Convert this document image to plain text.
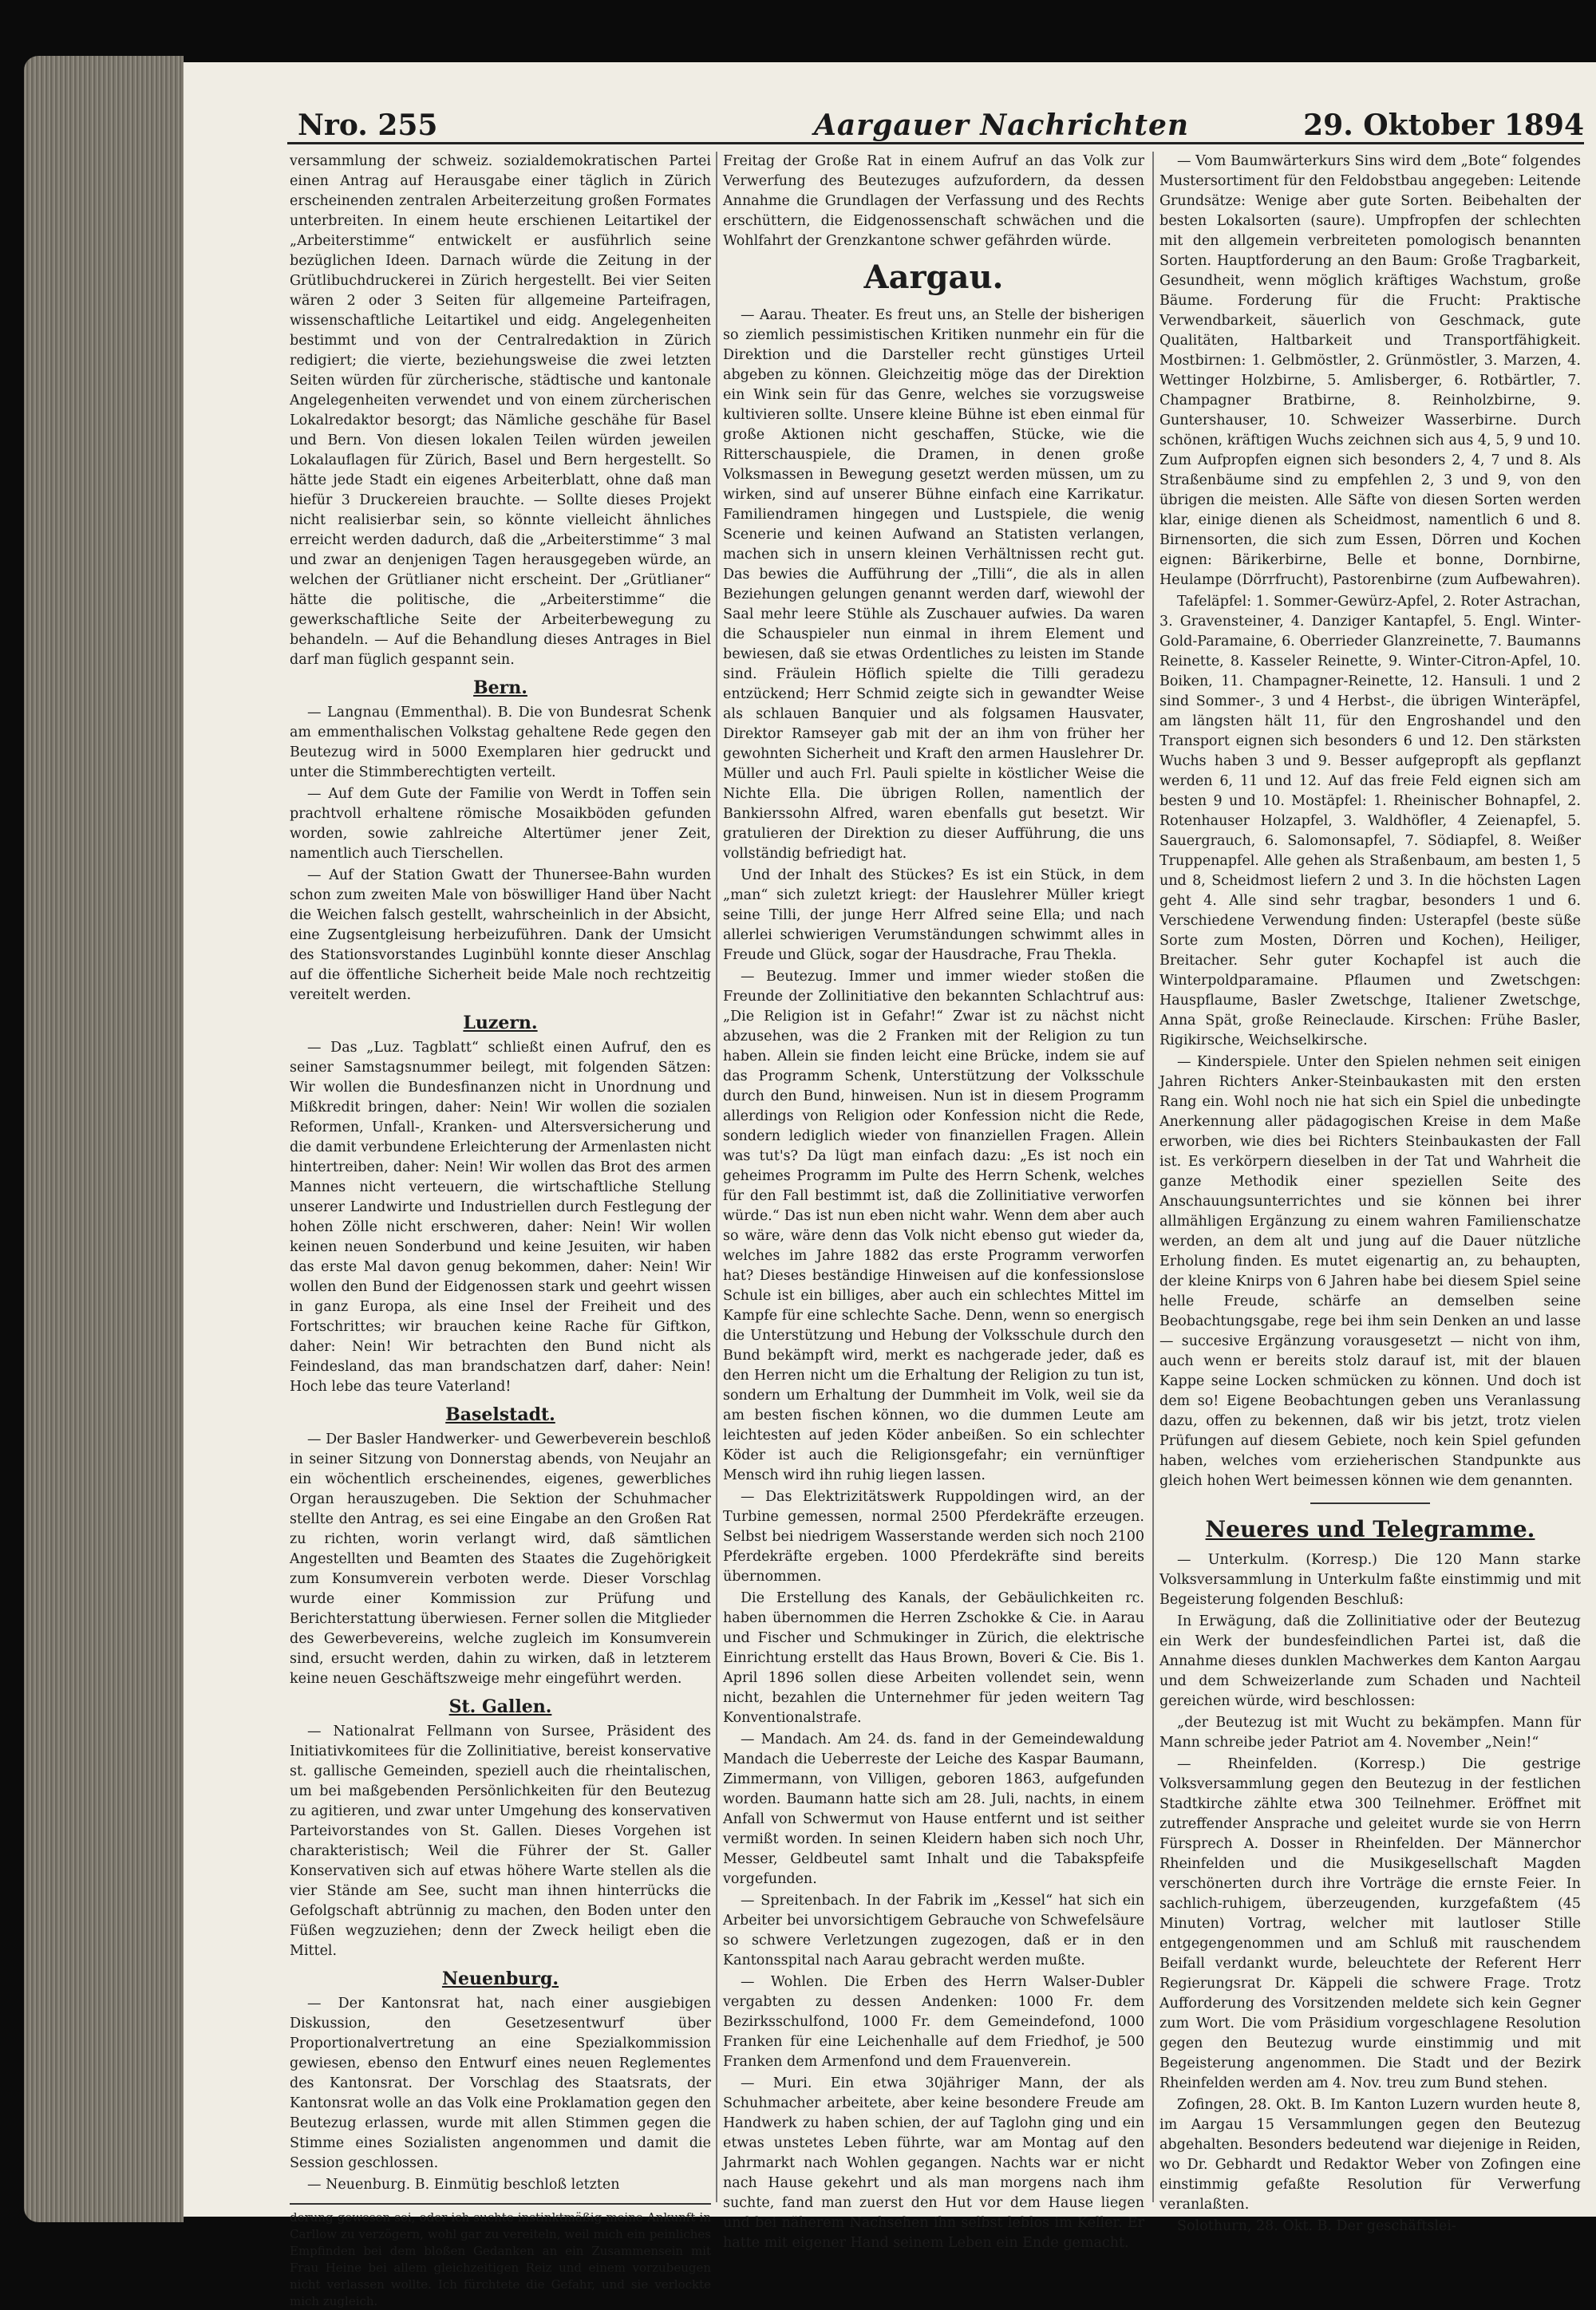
Nro. 255	Aargauer Nachrichten	29. Oktober 1894

versammlung der schweiz. sozialdemokratischen Partei einen Antrag auf Herausgabe einer täglich in Zürich erscheinenden zentralen Arbeiterzeitung großen Formates unterbreiten. In einem heute erschienen Leitartikel der „Arbeiterstimme“ entwickelt er ausführlich seine bezüglichen Ideen. Darnach würde die Zeitung in der Grütlibuchdruckerei in Zürich hergestellt. Bei vier Seiten wären 2 oder 3 Seiten für allgemeine Parteifragen, wissenschaftliche Leitartikel und eidg. Angelegenheiten bestimmt und von der Centralredaktion in Zürich redigiert; die vierte, beziehungsweise die zwei letzten Seiten würden für zürcherische, städtische und kantonale Angelegenheiten verwendet und von einem zürcherischen Lokalredaktor besorgt; das Nämliche geschähe für Basel und Bern. Von diesen lokalen Teilen würden jeweilen Lokalauflagen für Zürich, Basel und Bern hergestellt. So hätte jede Stadt ein eigenes Arbeiterblatt, ohne daß man hiefür 3 Druckereien brauchte. — Sollte dieses Projekt nicht realisierbar sein, so könnte vielleicht ähnliches erreicht werden dadurch, daß die „Arbeiterstimme“ 3 mal und zwar an denjenigen Tagen herausgegeben würde, an welchen der Grütlianer nicht erscheint. Der „Grütlianer“ hätte die politische, die „Arbeiterstimme“ die gewerkschaftliche Seite der Arbeiterbewegung zu behandeln. — Auf die Behandlung dieses Antrages in Biel darf man füglich gespannt sein.

Bern.

— Langnau (Emmenthal). B. Die von Bundesrat Schenk am emmenthalischen Volkstag gehaltene Rede gegen den Beutezug wird in 5000 Exemplaren hier gedruckt und unter die Stimmberechtigten verteilt.

— Auf dem Gute der Familie von Werdt in Toffen sein prachtvoll erhaltene römische Mosaikböden gefunden worden, sowie zahlreiche Altertümer jener Zeit, namentlich auch Tierschellen.

— Auf der Station Gwatt der Thunersee-Bahn wurden schon zum zweiten Male von böswilliger Hand über Nacht die Weichen falsch gestellt, wahrscheinlich in der Absicht, eine Zugsentgleisung herbeizuführen. Dank der Umsicht des Stationsvorstandes Luginbühl konnte dieser Anschlag auf die öffentliche Sicherheit beide Male noch rechtzeitig vereitelt werden.

Luzern.

— Das „Luz. Tagblatt“ schließt einen Aufruf, den es seiner Samstagsnummer beilegt, mit folgenden Sätzen: Wir wollen die Bundesfinanzen nicht in Unordnung und Mißkredit bringen, daher: Nein! Wir wollen die sozialen Reformen, Unfall-, Kranken- und Altersversicherung und die damit verbundene Erleichterung der Armenlasten nicht hintertreiben, daher: Nein! Wir wollen das Brot des armen Mannes nicht verteuern, die wirtschaftliche Stellung unserer Landwirte und Industriellen durch Festlegung der hohen Zölle nicht erschweren, daher: Nein! Wir wollen keinen neuen Sonderbund und keine Jesuiten, wir haben das erste Mal davon genug bekommen, daher: Nein! Wir wollen den Bund der Eidgenossen stark und geehrt wissen in ganz Europa, als eine Insel der Freiheit und des Fortschrittes; wir brauchen keine Rache für Giftkon, daher: Nein! Wir betrachten den Bund nicht als Feindesland, das man brandschatzen darf, daher: Nein! Hoch lebe das teure Vaterland!

Baselstadt.

— Der Basler Handwerker- und Gewerbeverein beschloß in seiner Sitzung von Donnerstag abends, von Neujahr an ein wöchentlich erscheinendes, eigenes, gewerbliches Organ herauszugeben. Die Sektion der Schuhmacher stellte den Antrag, es sei eine Eingabe an den Großen Rat zu richten, worin verlangt wird, daß sämtlichen Angestellten und Beamten des Staates die Zugehörigkeit zum Konsumverein verboten werde. Dieser Vorschlag wurde einer Kommission zur Prüfung und Berichterstattung überwiesen. Ferner sollen die Mitglieder des Gewerbevereins, welche zugleich im Konsumverein sind, ersucht werden, dahin zu wirken, daß in letzterem keine neuen Geschäftszweige mehr eingeführt werden.

St. Gallen.

— Nationalrat Fellmann von Sursee, Präsident des Initiativkomitees für die Zollinitiative, bereist konservative st. gallische Gemeinden, speziell auch die rheintalischen, um bei maßgebenden Persönlichkeiten für den Beutezug zu agitieren, und zwar unter Umgehung des konservativen Parteivorstandes von St. Gallen. Dieses Vorgehen ist charakteristisch; Weil die Führer der St. Galler Konservativen sich auf etwas höhere Warte stellen als die vier Stände am See, sucht man ihnen hinterrücks die Gefolgschaft abtrünnig zu machen, den Boden unter den Füßen wegzuziehen; denn der Zweck heiligt eben die Mittel.

Neuenburg.

— Der Kantonsrat hat, nach einer ausgiebigen Diskussion, den Gesetzesentwurf über Proportionalvertretung an eine Spezialkommission gewiesen, ebenso den Entwurf eines neuen Reglementes des Kantonsrat. Der Vorschlag des Staatsrats, der Kantonsrat wolle an das Volk eine Proklamation gegen den Beutezug erlassen, wurde mit allen Stimmen gegen die Stimme eines Sozialisten angenommen und damit die Session geschlossen.

— Neuenburg. B. Einmütig beschloß letzten

derung gewesen sei, oder ich suchte instinktmäßig meine Ankunft in Carllow zu verzögern, wohl gar zu vereiteln, weil mich ein peinliches Empfinden bei dem bloßen Gedanken an ein Zusammensein mit Frau Heine bei allem gleichzeitigen Reiz und einem vorzubeugen nicht verlassen wollte. Ich fürchtete die Gefahr, und sie verlockte mich zugleich.

Freitag der Große Rat in einem Aufruf an das Volk zur Verwerfung des Beutezuges aufzufordern, da dessen Annahme die Grundlagen der Verfassung und des Rechts erschüttern, die Eidgenossenschaft schwächen und die Wohlfahrt der Grenzkantone schwer gefährden würde.

Aargau.

— Aarau. Theater. Es freut uns, an Stelle der bisherigen so ziemlich pessimistischen Kritiken nunmehr ein für die Direktion und die Darsteller recht günstiges Urteil abgeben zu können. Gleichzeitig möge das der Direktion ein Wink sein für das Genre, welches sie vorzugsweise kultivieren sollte. Unsere kleine Bühne ist eben einmal für große Aktionen nicht geschaffen, Stücke, wie die Ritterschauspiele, die Dramen, in denen große Volksmassen in Bewegung gesetzt werden müssen, um zu wirken, sind auf unserer Bühne einfach eine Karrikatur. Familiendramen hingegen und Lustspiele, die wenig Scenerie und keinen Aufwand an Statisten verlangen, machen sich in unsern kleinen Verhältnissen recht gut. Das bewies die Aufführung der „Tilli“, die als in allen Beziehungen gelungen genannt werden darf, wiewohl der Saal mehr leere Stühle als Zuschauer aufwies. Da waren die Schauspieler nun einmal in ihrem Element und bewiesen, daß sie etwas Ordentliches zu leisten im Stande sind. Fräulein Höflich spielte die Tilli geradezu entzückend; Herr Schmid zeigte sich in gewandter Weise als schlauen Banquier und als folgsamen Hausvater, Direktor Ramseyer gab mit der an ihm von früher her gewohnten Sicherheit und Kraft den armen Hauslehrer Dr. Müller und auch Frl. Pauli spielte in köstlicher Weise die Nichte Ella. Die übrigen Rollen, namentlich der Bankierssohn Alfred, waren ebenfalls gut besetzt. Wir gratulieren der Direktion zu dieser Aufführung, die uns vollständig befriedigt hat.

Und der Inhalt des Stückes? Es ist ein Stück, in dem „man“ sich zuletzt kriegt: der Hauslehrer Müller kriegt seine Tilli, der junge Herr Alfred seine Ella; und nach allerlei schwierigen Verumständungen schwimmt alles in Freude und Glück, sogar der Hausdrache, Frau Thekla.

— Beutezug. Immer und immer wieder stoßen die Freunde der Zollinitiative den bekannten Schlachtruf aus: „Die Religion ist in Gefahr!“ Zwar ist zu nächst nicht abzusehen, was die 2 Franken mit der Religion zu tun haben. Allein sie finden leicht eine Brücke, indem sie auf das Programm Schenk, Unterstützung der Volksschule durch den Bund, hinweisen. Nun ist in diesem Programm allerdings von Religion oder Konfession nicht die Rede, sondern lediglich wieder von finanziellen Fragen. Allein was tut's? Da lügt man einfach dazu: „Es ist noch ein geheimes Programm im Pulte des Herrn Schenk, welches für den Fall bestimmt ist, daß die Zollinitiative verworfen würde.“ Das ist nun eben nicht wahr. Wenn dem aber auch so wäre, wäre denn das Volk nicht ebenso gut wieder da, welches im Jahre 1882 das erste Programm verworfen hat? Dieses beständige Hinweisen auf die konfessionslose Schule ist ein billiges, aber auch ein schlechtes Mittel im Kampfe für eine schlechte Sache. Denn, wenn so energisch die Unterstützung und Hebung der Volksschule durch den Bund bekämpft wird, merkt es nachgerade jeder, daß es den Herren nicht um die Erhaltung der Religion zu tun ist, sondern um Erhaltung der Dummheit im Volk, weil sie da am besten fischen können, wo die dummen Leute am leichtesten auf jeden Köder anbeißen. So ein schlechter Köder ist auch die Religionsgefahr; ein vernünftiger Mensch wird ihn ruhig liegen lassen.

— Das Elektrizitätswerk Ruppoldingen wird, an der Turbine gemessen, normal 2500 Pferdekräfte erzeugen. Selbst bei niedrigem Wasserstande werden sich noch 2100 Pferdekräfte ergeben. 1000 Pferdekräfte sind bereits übernommen.

Die Erstellung des Kanals, der Gebäulichkeiten rc. haben übernommen die Herren Zschokke & Cie. in Aarau und Fischer und Schmukinger in Zürich, die elektrische Einrichtung erstellt das Haus Brown, Boveri & Cie. Bis 1. April 1896 sollen diese Arbeiten vollendet sein, wenn nicht, bezahlen die Unternehmer für jeden weitern Tag Konventionalstrafe.

— Mandach. Am 24. ds. fand in der Gemeindewaldung Mandach die Ueberreste der Leiche des Kaspar Baumann, Zimmermann, von Villigen, geboren 1863, aufgefunden worden. Baumann hatte sich am 28. Juli, nachts, in einem Anfall von Schwermut von Hause entfernt und ist seither vermißt worden. In seinen Kleidern haben sich noch Uhr, Messer, Geldbeutel samt Inhalt und die Tabakspfeife vorgefunden.

— Spreitenbach. In der Fabrik im „Kessel“ hat sich ein Arbeiter bei unvorsichtigem Gebrauche von Schwefelsäure so schwere Verletzungen zugezogen, daß er in den Kantonsspital nach Aarau gebracht werden mußte.

— Wohlen. Die Erben des Herrn Walser-Dubler vergabten zu dessen Andenken: 1000 Fr. dem Bezirksschulfond, 1000 Fr. dem Gemeindefond, 1000 Franken für eine Leichenhalle auf dem Friedhof, je 500 Franken dem Armenfond und dem Frauenverein.

— Muri. Ein etwa 30jähriger Mann, der als Schuhmacher arbeitete, aber keine besondere Freude am Handwerk zu haben schien, der auf Taglohn ging und ein etwas unstetes Leben führte, war am Montag auf den Jahrmarkt nach Wohlen gegangen. Nachts war er nicht nach Hause gekehrt und als man morgens nach ihm suchte, fand man zuerst den Hut vor dem Hause liegen und bei näherem Nachsehen ihn selbst leblos im Keller. Er hatte mit eigener Hand seinem Leben ein Ende gemacht.

— Vom Baumwärterkurs Sins wird dem „Bote“ folgendes Mustersortiment für den Feldobstbau angegeben: Leitende Grundsätze: Wenige aber gute Sorten. Beibehalten der besten Lokalsorten (saure). Umpfropfen der schlechten mit den allgemein verbreiteten pomologisch benannten Sorten. Hauptforderung an den Baum: Große Tragbarkeit, Gesundheit, wenn möglich kräftiges Wachstum, große Bäume. Forderung für die Frucht: Praktische Verwendbarkeit, säuerlich von Geschmack, gute Qualitäten, Haltbarkeit und Transportfähigkeit. Mostbirnen: 1. Gelbmöstler, 2. Grünmöstler, 3. Marzen, 4. Wettinger Holzbirne, 5. Amlisberger, 6. Rotbärtler, 7. Champagner Bratbirne, 8. Reinholzbirne, 9. Guntershauser, 10. Schweizer Wasserbirne. Durch schönen, kräftigen Wuchs zeichnen sich aus 4, 5, 9 und 10. Zum Aufpropfen eignen sich besonders 2, 4, 7 und 8. Als Straßenbäume sind zu empfehlen 2, 3 und 9, von den übrigen die meisten. Alle Säfte von diesen Sorten werden klar, einige dienen als Scheidmost, namentlich 6 und 8. Birnensorten, die sich zum Essen, Dörren und Kochen eignen: Bärikerbirne, Belle et bonne, Dornbirne, Heulampe (Dörrfrucht), Pastorenbirne (zum Aufbewahren).

Tafeläpfel: 1. Sommer-Gewürz-Apfel, 2. Roter Astrachan, 3. Gravensteiner, 4. Danziger Kantapfel, 5. Engl. Winter-Gold-Paramaine, 6. Oberrieder Glanzreinette, 7. Baumanns Reinette, 8. Kasseler Reinette, 9. Winter-Citron-Apfel, 10. Boiken, 11. Champagner-Reinette, 12. Hansuli. 1 und 2 sind Sommer-, 3 und 4 Herbst-, die übrigen Winteräpfel, am längsten hält 11, für den Engroshandel und den Transport eignen sich besonders 6 und 12. Den stärksten Wuchs haben 3 und 9. Besser aufgepropft als gepflanzt werden 6, 11 und 12. Auf das freie Feld eignen sich am besten 9 und 10. Mostäpfel: 1. Rheinischer Bohnapfel, 2. Rotenhauser Holzapfel, 3. Waldhöfler, 4 Zeienapfel, 5. Sauergrauch, 6. Salomonsapfel, 7. Södiapfel, 8. Weißer Truppenapfel. Alle gehen als Straßenbaum, am besten 1, 5 und 8, Scheidmost liefern 2 und 3. In die höchsten Lagen geht 4. Alle sind sehr tragbar, besonders 1 und 6. Verschiedene Verwendung finden: Usterapfel (beste süße Sorte zum Mosten, Dörren und Kochen), Heiliger, Breitacher. Sehr guter Kochapfel ist auch die Winterpoldparamaine. Pflaumen und Zwetschgen: Hauspflaume, Basler Zwetschge, Italiener Zwetschge, Anna Spät, große Reineclaude. Kirschen: Frühe Basler, Rigikirsche, Weichselkirsche.

— Kinderspiele. Unter den Spielen nehmen seit einigen Jahren Richters Anker-Steinbaukasten mit den ersten Rang ein. Wohl noch nie hat sich ein Spiel die unbedingte Anerkennung aller pädagogischen Kreise in dem Maße erworben, wie dies bei Richters Steinbaukasten der Fall ist. Es verkörpern dieselben in der Tat und Wahrheit die ganze Methodik einer speziellen Seite des Anschauungsunterrichtes und sie können bei ihrer allmähligen Ergänzung zu einem wahren Familienschatze werden, an dem alt und jung auf die Dauer nützliche Erholung finden. Es mutet eigenartig an, zu behaupten, der kleine Knirps von 6 Jahren habe bei diesem Spiel seine helle Freude, schärfe an demselben seine Beobachtungsgabe, rege bei ihm sein Denken an und lasse — succesive Ergänzung vorausgesetzt — nicht von ihm, auch wenn er bereits stolz darauf ist, mit der blauen Kappe seine Locken schmücken zu können. Und doch ist dem so! Eigene Beobachtungen geben uns Veranlassung dazu, offen zu bekennen, daß wir bis jetzt, trotz vielen Prüfungen auf diesem Gebiete, noch kein Spiel gefunden haben, welches vom erzieherischen Standpunkte aus gleich hohen Wert beimessen können wie dem genannten.

Neueres und Telegramme.

— Unterkulm. (Korresp.) Die 120 Mann starke Volksversammlung in Unterkulm faßte einstimmig und mit Begeisterung folgenden Beschluß:

In Erwägung, daß die Zollinitiative oder der Beutezug ein Werk der bundesfeindlichen Partei ist, daß die Annahme dieses dunklen Machwerkes dem Kanton Aargau und dem Schweizerlande zum Schaden und Nachteil gereichen würde, wird beschlossen:

„der Beutezug ist mit Wucht zu bekämpfen. Mann für Mann schreibe jeder Patriot am 4. November „Nein!“

— Rheinfelden. (Korresp.) Die gestrige Volksversammlung gegen den Beutezug in der festlichen Stadtkirche zählte etwa 300 Teilnehmer. Eröffnet mit zutreffender Ansprache und geleitet wurde sie von Herrn Fürsprech A. Dosser in Rheinfelden. Der Männerchor Rheinfelden und die Musikgesellschaft Magden verschönerten durch ihre Vorträge die ernste Feier. In sachlich-ruhigem, überzeugenden, kurzgefaßtem (45 Minuten) Vortrag, welcher mit lautloser Stille entgegengenommen und am Schluß mit rauschendem Beifall verdankt wurde, beleuchtete der Referent Herr Regierungsrat Dr. Käppeli die schwere Frage. Trotz Aufforderung des Vorsitzenden meldete sich kein Gegner zum Wort. Die vom Präsidium vorgeschlagene Resolution gegen den Beutezug wurde einstimmig und mit Begeisterung angenommen. Die Stadt und der Bezirk Rheinfelden werden am 4. Nov. treu zum Bund stehen.

Zofingen, 28. Okt. B. Im Kanton Luzern wurden heute 8, im Aargau 15 Versammlungen gegen den Beutezug abgehalten. Besonders bedeutend war diejenige in Reiden, wo Dr. Gebhardt und Redaktor Weber von Zofingen eine einstimmig gefaßte Resolution für Verwerfung veranlaßten.

Solothurn, 28. Okt. B. Der geschäftslei-
